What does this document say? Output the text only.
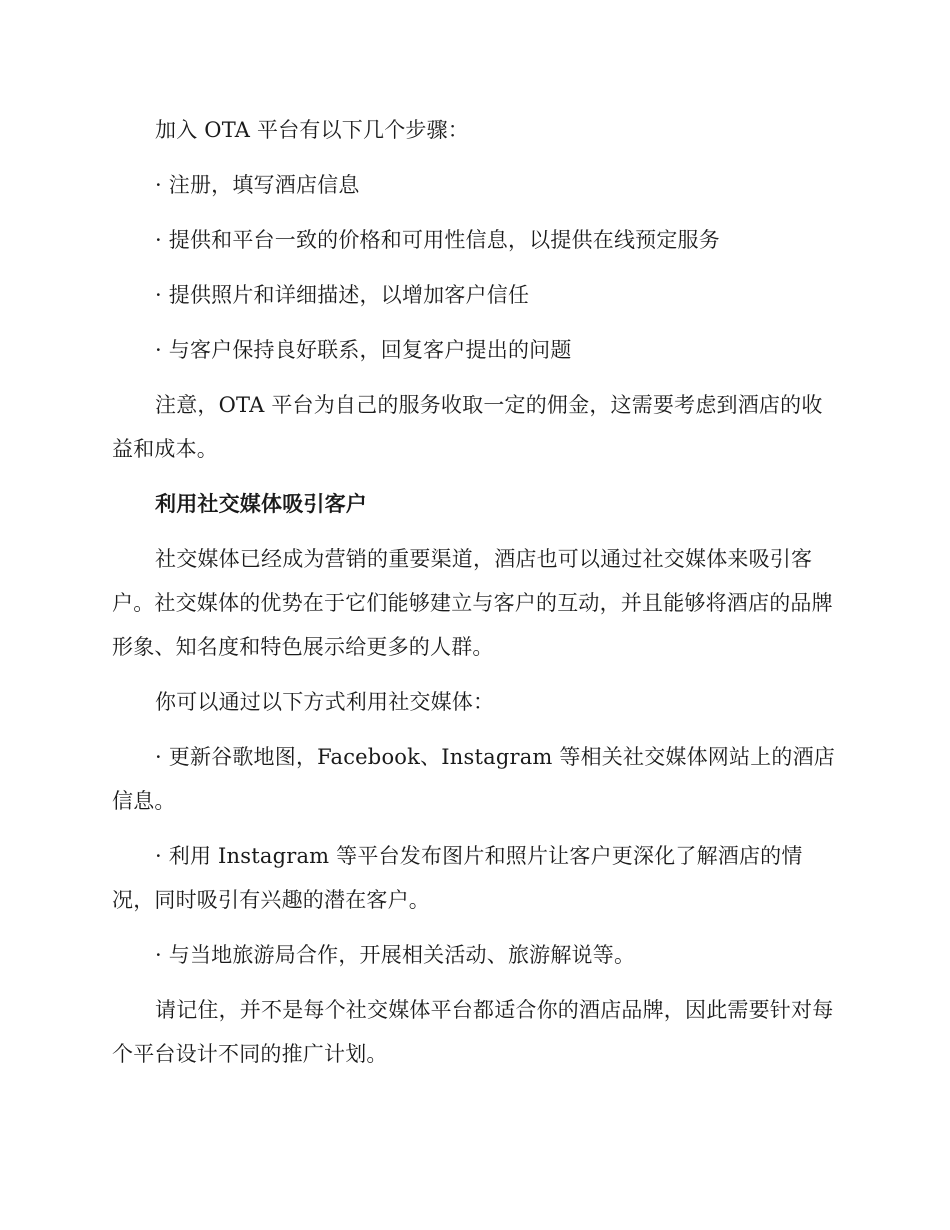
加入 OTA 平台有以下几个步骤：

· 注册，填写酒店信息

· 提供和平台一致的价格和可用性信息，以提供在线预定服务

· 提供照片和详细描述，以增加客户信任

· 与客户保持良好联系，回复客户提出的问题

注意，OTA 平台为自己的服务收取一定的佣金，这需要考虑到酒店的收益和成本。

利用社交媒体吸引客户

社交媒体已经成为营销的重要渠道，酒店也可以通过社交媒体来吸引客户。社交媒体的优势在于它们能够建立与客户的互动，并且能够将酒店的品牌形象、知名度和特色展示给更多的人群。

你可以通过以下方式利用社交媒体：

· 更新谷歌地图，Facebook、Instagram 等相关社交媒体网站上的酒店信息。

· 利用 Instagram 等平台发布图片和照片让客户更深化了解酒店的情况，同时吸引有兴趣的潜在客户。

· 与当地旅游局合作，开展相关活动、旅游解说等。

请记住，并不是每个社交媒体平台都适合你的酒店品牌，因此需要针对每个平台设计不同的推广计划。
